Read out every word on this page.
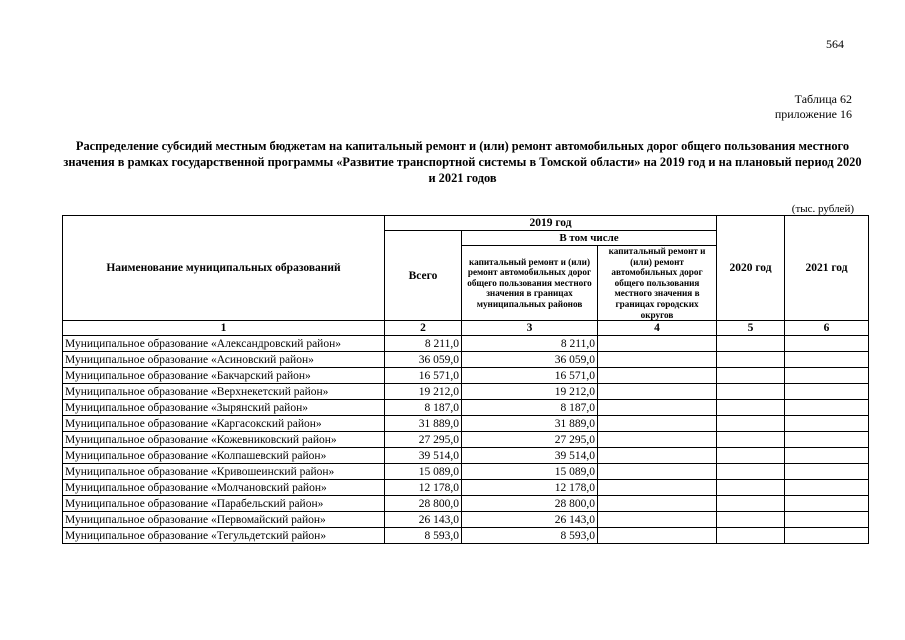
564
Таблица 62
приложение 16
Распределение субсидий местным бюджетам на капитальный ремонт и (или) ремонт автомобильных дорог общего пользования местного значения в рамках государственной программы «Развитие транспортной системы в Томской области» на 2019 год и на плановый период 2020 и 2021 годов
(тыс. рублей)
Наименование муниципальных образований	2019 год			2020 год	2021 год
	Всего	В том числе			
		капитальный ремонт и (или) ремонт автомобильных дорог общего пользования местного значения в границах муниципальных районов	капитальный ремонт и (или) ремонт автомобильных дорог общего пользования местного значения в границах городских округов		
1	2	3	4	5	6
Муниципальное образование «Александровский район»	8 211,0	8 211,0			
Муниципальное образование «Асиновский район»	36 059,0	36 059,0			
Муниципальное образование «Бакчарский район»	16 571,0	16 571,0			
Муниципальное образование «Верхнекетский район»	19 212,0	19 212,0			
Муниципальное образование «Зырянский район»	8 187,0	8 187,0			
Муниципальное образование «Каргасокский район»	31 889,0	31 889,0			
Муниципальное образование «Кожевниковский район»	27 295,0	27 295,0			
Муниципальное образование «Колпашевский район»	39 514,0	39 514,0			
Муниципальное образование «Кривошеинский район»	15 089,0	15 089,0			
Муниципальное образование «Молчановский район»	12 178,0	12 178,0			
Муниципальное образование «Парабельский район»	28 800,0	28 800,0			
Муниципальное образование «Первомайский район»	26 143,0	26 143,0			
Муниципальное образование «Тегульдетский район»	8 593,0	8 593,0			
